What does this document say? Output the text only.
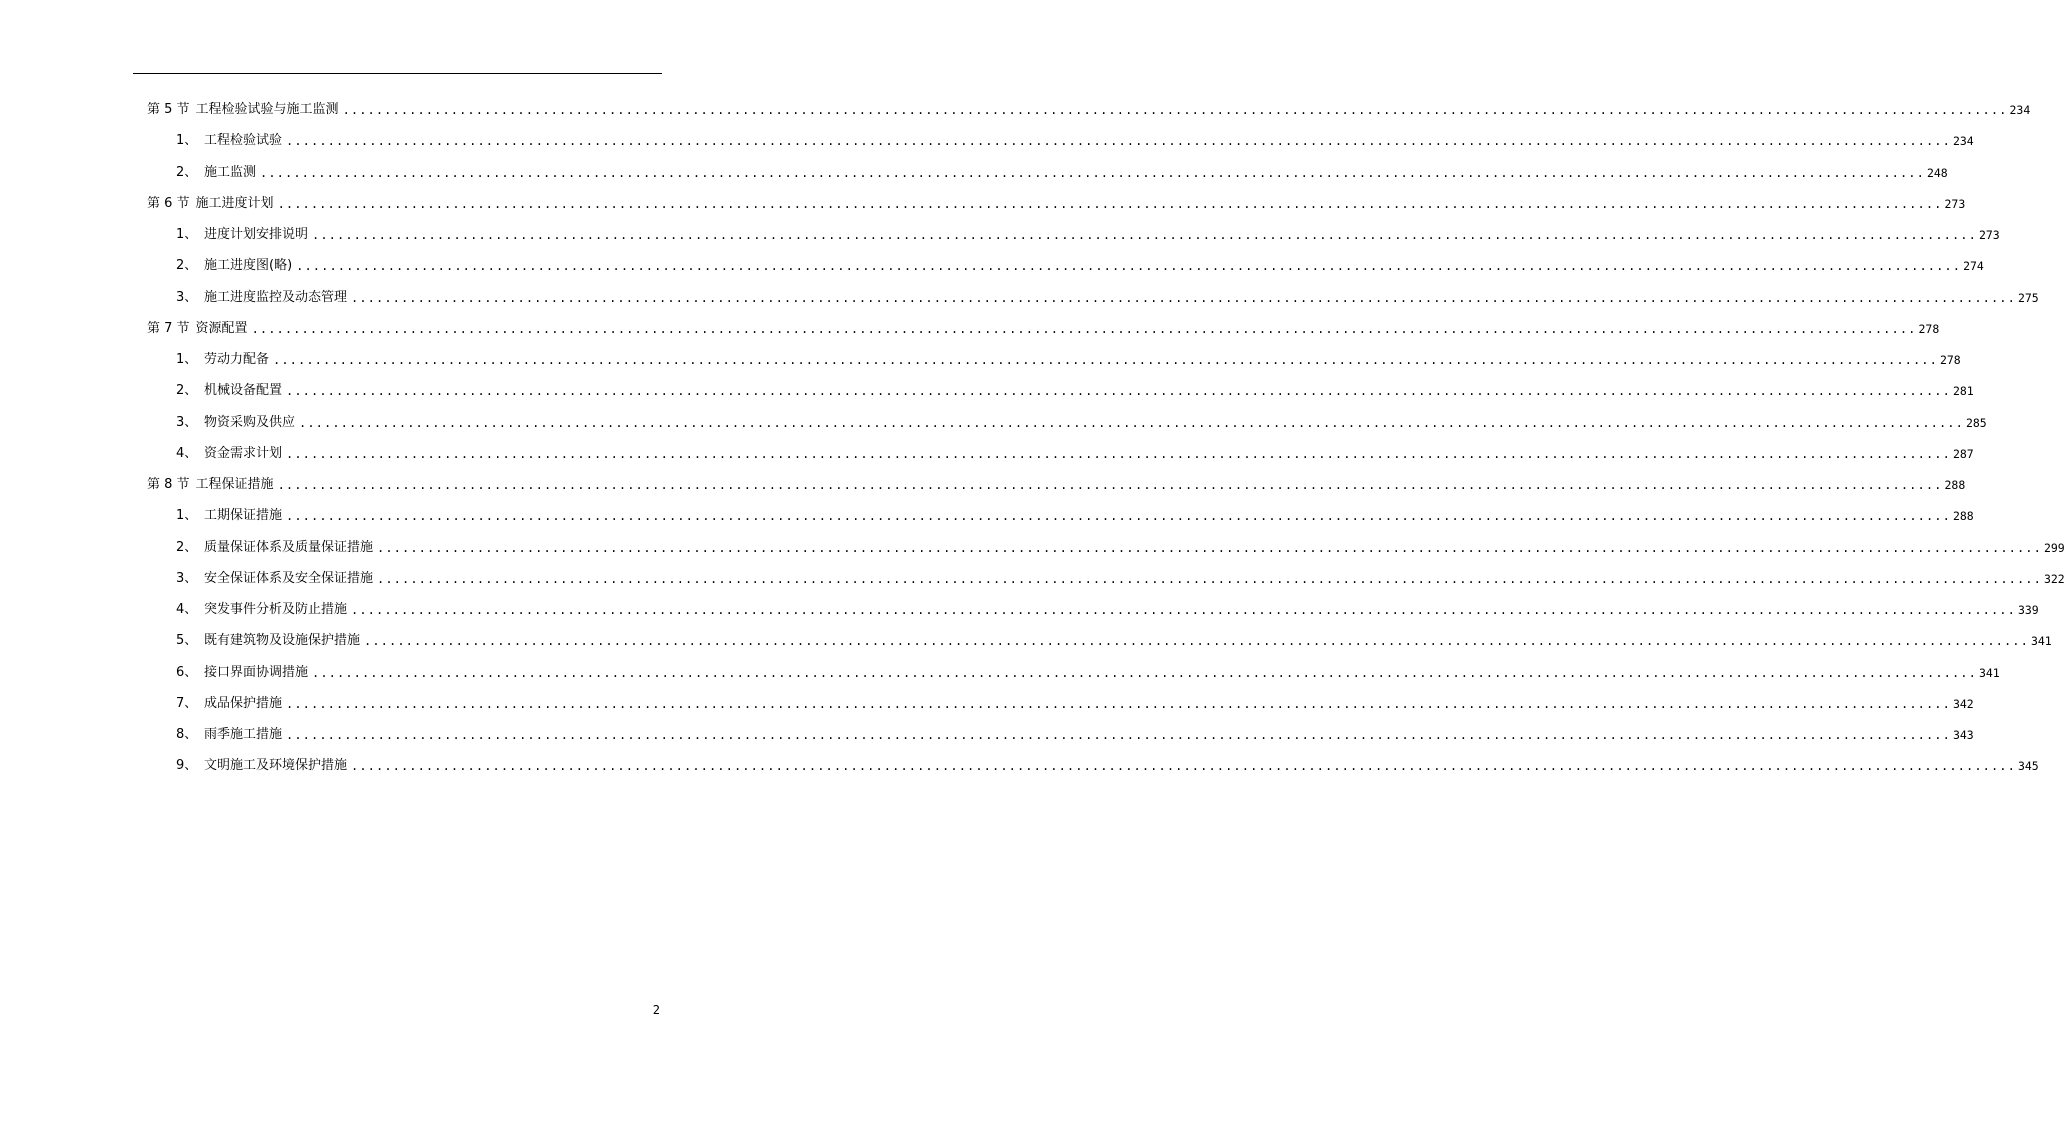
第 5 节 工程检验试验与施工监测 ........................................................................................................................................................................................................ 234
1、 工程检验试验 ........................................................................................................................................................................................................ 234
2、 施工监测 ........................................................................................................................................................................................................ 248
第 6 节 施工进度计划 ........................................................................................................................................................................................................ 273
1、 进度计划安排说明 ........................................................................................................................................................................................................ 273
2、 施工进度图(略) ........................................................................................................................................................................................................ 274
3、 施工进度监控及动态管理 ........................................................................................................................................................................................................ 275
第 7 节 资源配置 ........................................................................................................................................................................................................ 278
1、 劳动力配备 ........................................................................................................................................................................................................ 278
2、 机械设备配置 ........................................................................................................................................................................................................ 281
3、 物资采购及供应 ........................................................................................................................................................................................................ 285
4、 资金需求计划 ........................................................................................................................................................................................................ 287
第 8 节 工程保证措施 ........................................................................................................................................................................................................ 288
1、 工期保证措施 ........................................................................................................................................................................................................ 288
2、 质量保证体系及质量保证措施 ........................................................................................................................................................................................................ 299
3、 安全保证体系及安全保证措施 ........................................................................................................................................................................................................ 322
4、 突发事件分析及防止措施 ........................................................................................................................................................................................................ 339
5、 既有建筑物及设施保护措施 ........................................................................................................................................................................................................ 341
6、 接口界面协调措施 ........................................................................................................................................................................................................ 341
7、 成品保护措施 ........................................................................................................................................................................................................ 342
8、 雨季施工措施 ........................................................................................................................................................................................................ 343
9、 文明施工及环境保护措施 ........................................................................................................................................................................................................ 345
2
